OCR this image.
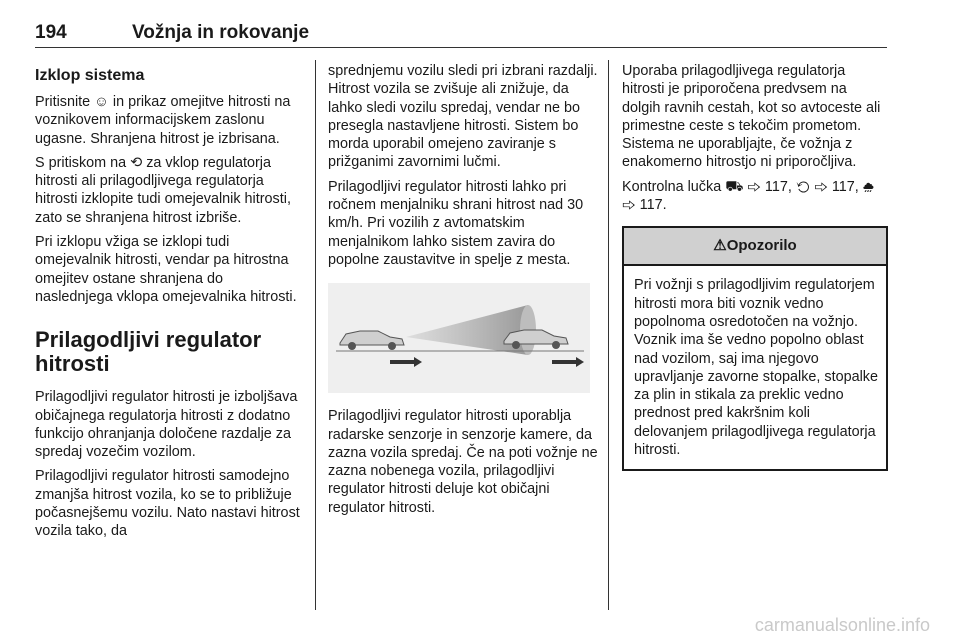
194	Vožnja in rokovanje
Izklop sistema

Pritisnite ☺ in prikaz omejitve hitrosti na voznikovem informacijskem zaslonu ugasne. Shranjena hitrost je izbrisana.

S pritiskom na ⟲ za vklop regulatorja hitrosti ali prilagodljivega regulatorja hitrosti izklopite tudi omejevalnik hitrosti, zato se shranjena hitrost izbriše.

Pri izklopu vžiga se izklopi tudi omejevalnik hitrosti, vendar pa hitrostna omejitev ostane shranjena do naslednjega vklopa omejevalnika hitrosti.

Prilagodljivi regulator hitrosti

Prilagodljivi regulator hitrosti je izboljšava običajnega regulatorja hitrosti z dodatno funkcijo ohranjanja določene razdalje za spredaj vozečim vozilom.

Prilagodljivi regulator hitrosti samodejno zmanjša hitrost vozila, ko se to približuje počasnejšemu vozilu. Nato nastavi hitrost vozila tako, da

sprednjemu vozilu sledi pri izbrani razdalji. Hitrost vozila se zvišuje ali znižuje, da lahko sledi vozilu spredaj, vendar ne bo presegla nastavljene hitrosti. Sistem bo morda uporabil omejeno zaviranje s prižganimi zavornimi lučmi.

Prilagodljivi regulator hitrosti lahko pri ročnem menjalniku shrani hitrost nad 30 km/h. Pri vozilih z avtomatskim menjalnikom lahko sistem zavira do popolne zaustavitve in spelje z mesta.

Prilagodljivi regulator hitrosti uporablja radarske senzorje in senzorje kamere, da zazna vozila spredaj. Če na poti vožnje ne zazna nobenega vozila, prilagodljivi regulator hitrosti deluje kot običajni regulator hitrosti.

Uporaba prilagodljivega regulatorja hitrosti je priporočena predvsem na dolgih ravnih cestah, kot so avtoceste ali primestne ceste s tekočim prometom. Sistema ne uporabljajte, če vožnja z enakomerno hitrostjo ni priporočljiva.

Kontrolna lučka ⛟ ⇨ 117, ⟲ ⇨ 117, ⛆ ⇨ 117.

⚠Opozorilo
Pri vožnji s prilagodljivim regulatorjem hitrosti mora biti voznik vedno popolnoma osredotočen na vožnjo. Voznik ima še vedno popolno oblast nad vozilom, saj ima njegovo upravljanje zavorne stopalke, stopalke za plin in stikala za preklic vedno prednost pred kakršnim koli delovanjem prilagodljivega regulatorja hitrosti.
carmanualsonline.info
